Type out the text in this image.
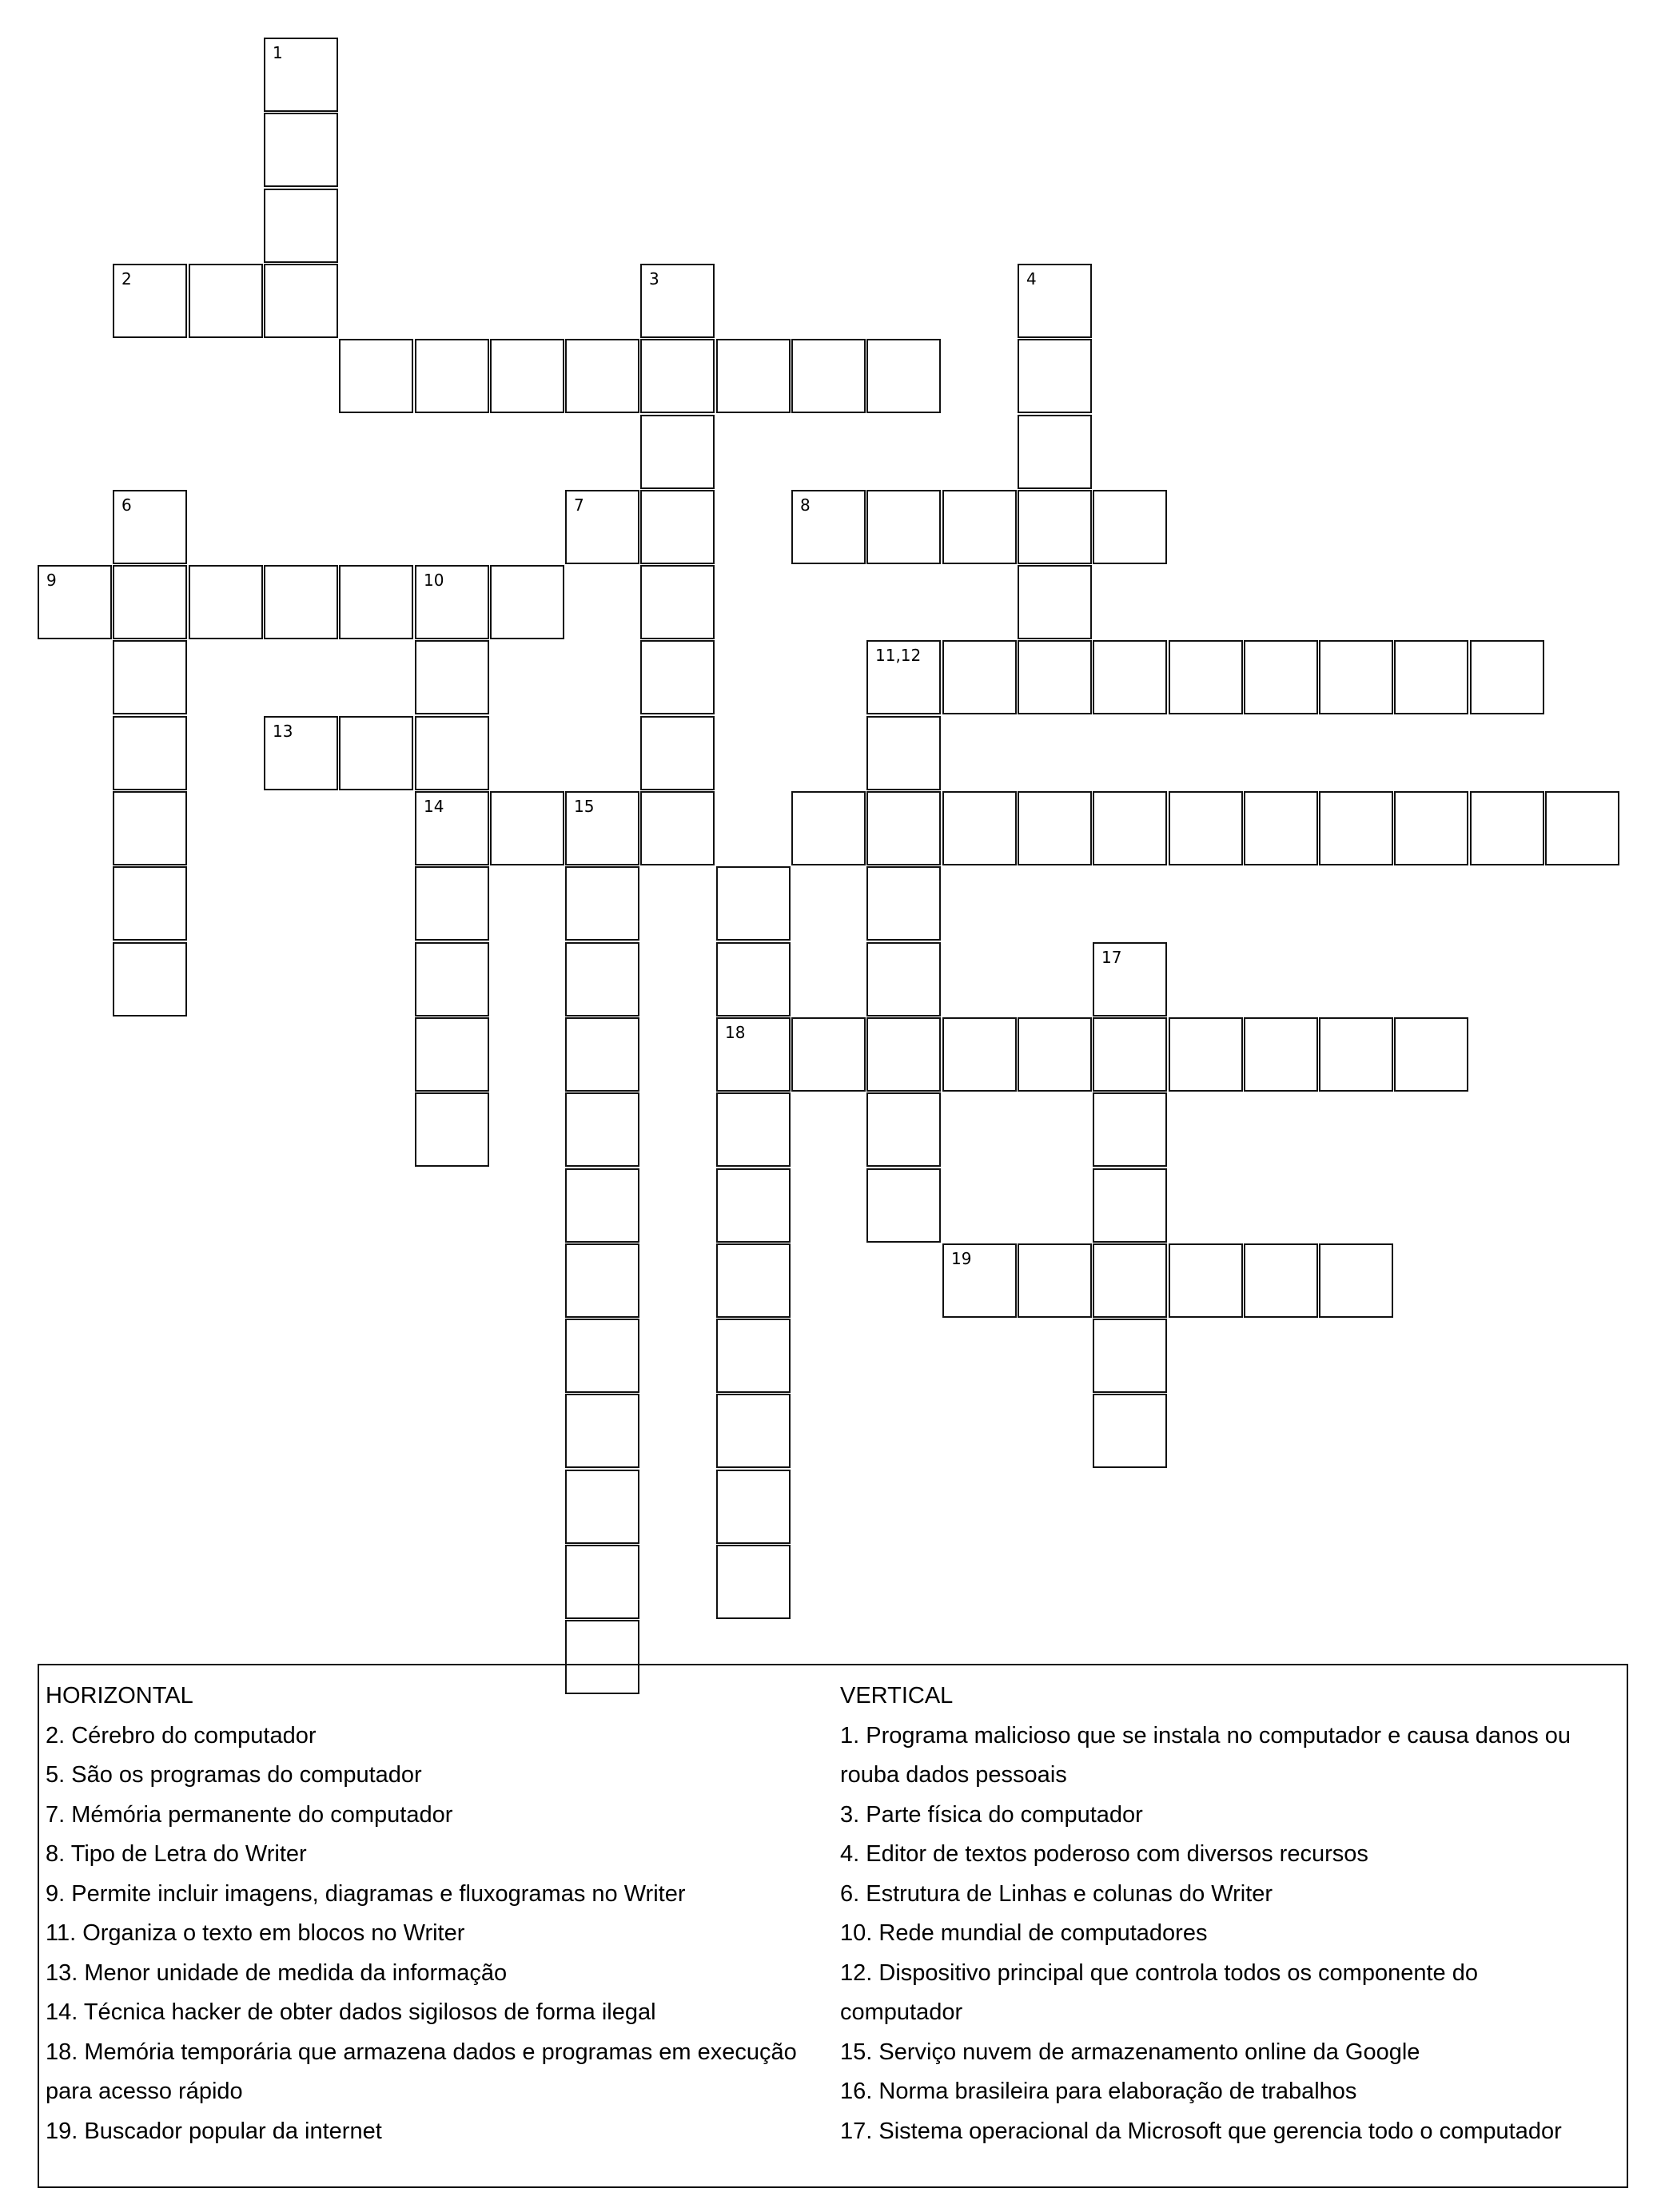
1
2	3	4
6	7	8
9	10
11,12
14
13
15
18
17
19
HORIZONTAL
2. Cérebro do computador
5. São os programas do computador
7. Mémória permanente do computador
8. Tipo de Letra do Writer
9. Permite incluir imagens, diagramas e fluxogramas no Writer
11. Organiza o texto em blocos no Writer
13. Menor unidade de medida da informação
14. Técnica hacker de obter dados sigilosos de forma ilegal
18. Memória temporária que armazena dados e programas em execução
para acesso rápido
19. Buscador popular da internet
VERTICAL
1. Programa malicioso que se instala no computador e causa danos ou
rouba dados pessoais
3. Parte física do computador
4. Editor de textos poderoso com diversos recursos
6. Estrutura de Linhas e colunas do Writer
10. Rede mundial de computadores
12. Dispositivo principal que controla todos os componente do
computador
15. Serviço nuvem de armazenamento online da Google
16. Norma brasileira para elaboração de trabalhos
17. Sistema operacional da Microsoft que gerencia todo o computador
